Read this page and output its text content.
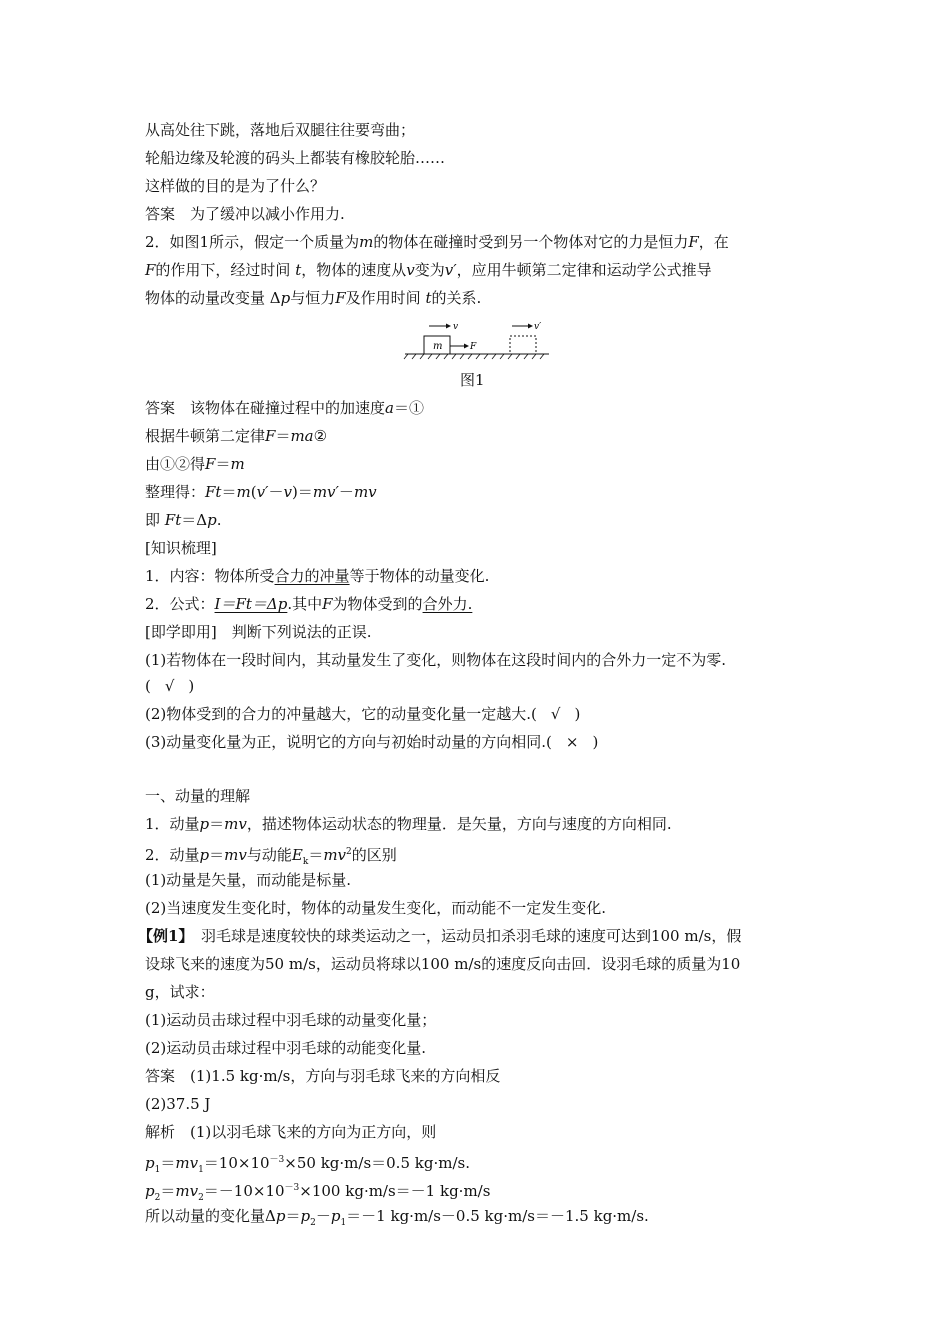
从高处往下跳，落地后双腿往往要弯曲；
轮船边缘及轮渡的码头上都装有橡胶轮胎……
这样做的目的是为了什么？
答案　 为了缓冲以减小作用力.
2．如图1所示，假定一个质量为m的物体在碰撞时受到另一个物体对它的力是恒力F，在
F的作用下，经过时间 t，物体的速度从v变为v′，应用牛顿第二定律和运动学公式推导
物体的动量改变量 Δp与恒力F及作用时间 t的关系.
v	v′
m	F
图1
答案　 该物体在碰撞过程中的加速度a＝①
根据牛顿第二定律F＝ma②
由①②得F＝m
整理得：Ft＝m(v′－v)＝mv′－mv
即 Ft＝Δp.
[知识梳理]
1．内容：物体所受合力的冲量等于物体的动量变化.
2．公式：I＝Ft＝Δp.其中F为物体受到的合外力.
[即学即用]　判断下列说法的正误.
(1)若物体在一段时间内，其动量发生了变化，则物体在这段时间内的合外力一定不为零.
( √ )
(2)物体受到的合力的冲量越大，它的动量变化量一定越大.( √ )
(3)动量变化量为正，说明它的方向与初始时动量的方向相同.( × )
一、动量的理解
1．动量p＝mv，描述物体运动状态的物理量．是矢量，方向与速度的方向相同.
2．动量p＝mv与动能$E_k=mv^2$的区别
(1)动量是矢量，而动能是标量.
(2)当速度发生变化时，物体的动量发生变化，而动能不一定发生变化.
【例1】　 羽毛球是速度较快的球类运动之一，运动员扣杀羽毛球的速度可达到100 m/s，假
设球飞来的速度为50 m/s，运动员将球以100 m/s的速度反向击回．设羽毛球的质量为10
g，试求：
(1)运动员击球过程中羽毛球的动量变化量；
(2)运动员击球过程中羽毛球的动能变化量.
答案　 (1)1.5 kg·m/s，方向与羽毛球飞来的方向相反
(2)37.5 J
解析　 (1)以羽毛球飞来的方向为正方向，则
$p_1=mv_1=10\times 10^{-3}\times 50$ kg·m/s＝0.5 kg·m/s.
$p_2=mv_2=-10\times 10^{-3}\times 100$ kg·m/s＝－1 kg·m/s
所以动量的变化量$\Delta p=p_2-p_1=-1$ kg·m/s－0.5 kg·m/s＝－1.5 kg·m/s.
